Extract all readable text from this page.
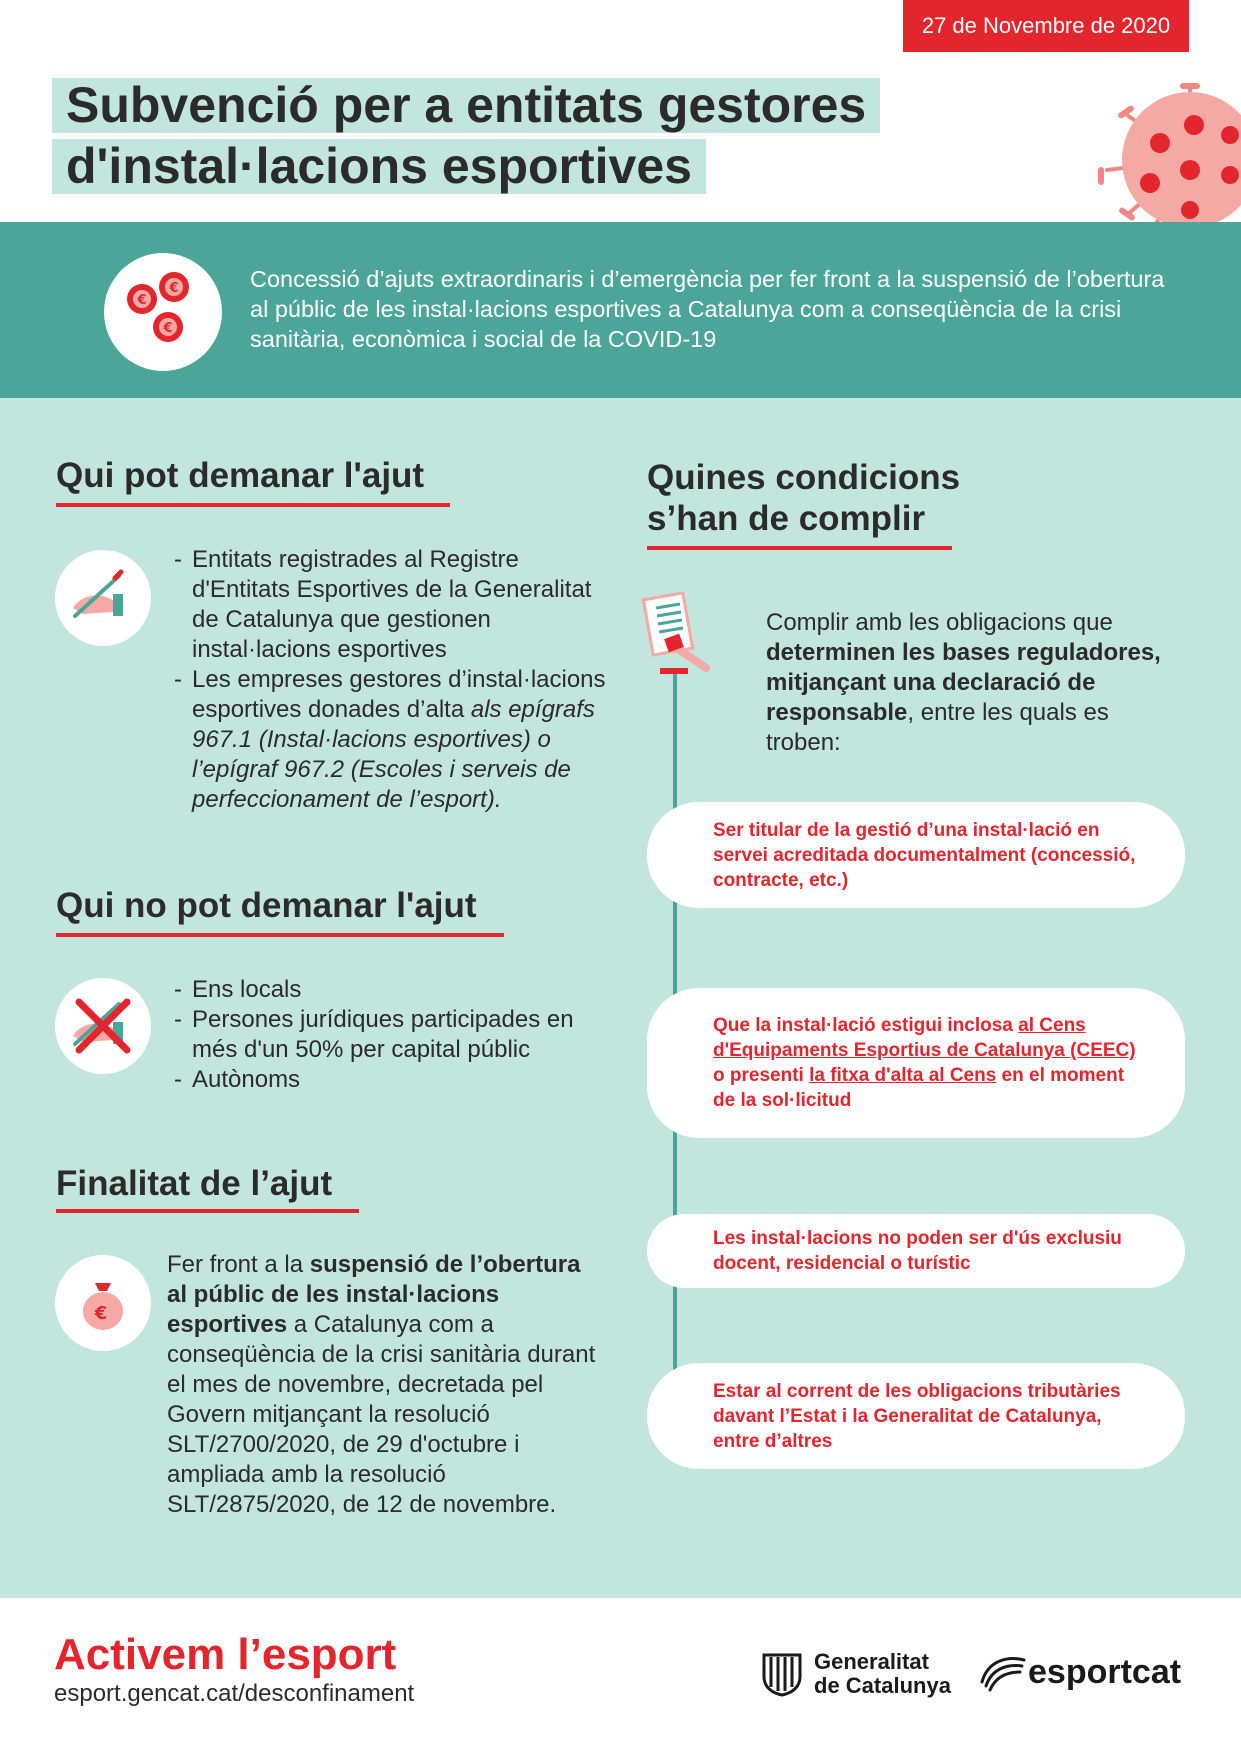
27 de Novembre de 2020
Subvenció per a entitats gestores
d'instal·lacions esportives
€
€
€
Concessió d’ajuts extraordinaris i d’emergència per fer front a la suspensió de l’obertura al públic de les instal·lacions esportives a Catalunya com a conseqüència de la crisi sanitària, econòmica i social de la COVID-19
Qui pot demanar l'ajut
- Entitats registrades al Registre d'Entitats Esportives de la Generalitat de Catalunya que gestionen instal·lacions esportives
- Les empreses gestores d’instal·lacions esportives donades d’alta als epígrafs 967.1 (Instal·lacions esportives) o l’epígraf 967.2 (Escoles i serveis de perfeccionament de l’esport).
Qui no pot demanar l'ajut
- Ens locals
- Persones jurídiques participades en més d'un 50% per capital públic
- Autònoms
Finalitat de l’ajut
€
Fer front a la suspensió de l’obertura al públic de les instal·lacions esportives a Catalunya com a conseqüència de la crisi sanitària durant el mes de novembre, decretada pel Govern mitjançant la resolució SLT/2700/2020, de 29 d'octubre i ampliada amb la resolució SLT/2875/2020, de 12 de novembre.
Quines condicions
s’han de complir
Complir amb les obligacions que determinen les bases reguladores, mitjançant una declaració de responsable, entre les quals es troben:
Ser titular de la gestió d’una instal·lació en servei acreditada documentalment (concessió, contracte, etc.)
Que la instal·lació estigui inclosa al Cens d'Equipaments Esportius de Catalunya (CEEC) o presenti la fitxa d'alta al Cens en el moment de la sol·licitud
Les instal·lacions no poden ser d'ús exclusiu docent, residencial o turístic
Estar al corrent de les obligacions tributàries davant l’Estat i la Generalitat de Catalunya, entre d’altres
Activem l’esport
esport.gencat.cat/desconfinament
Generalitat
de Catalunya esportcat
